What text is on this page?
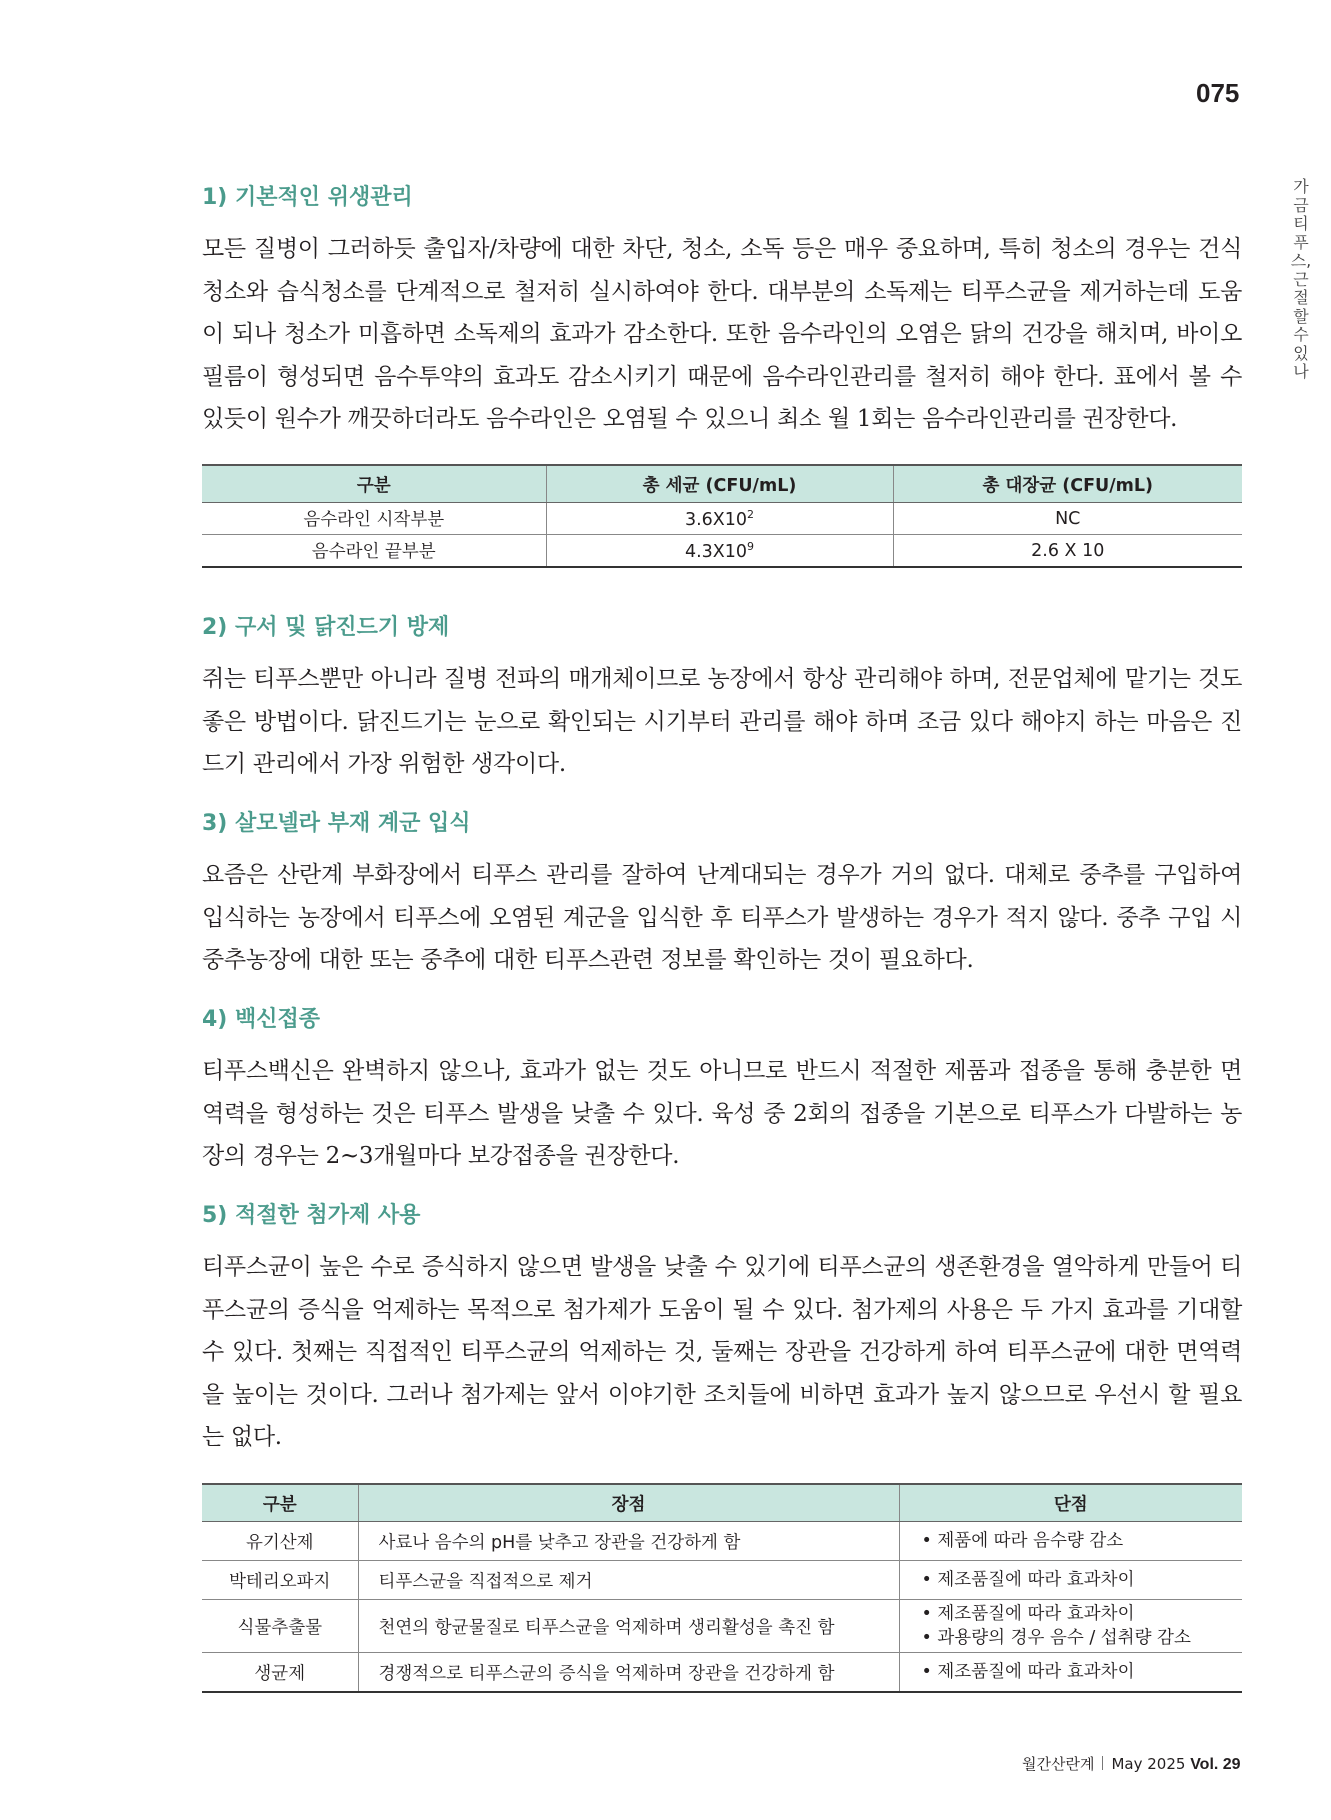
075
가금티푸스, 근절할 수 있나
1) 기본적인 위생관리
모든 질병이 그러하듯 출입자/차량에 대한 차단, 청소, 소독 등은 매우 중요하며, 특히 청소의 경우는 건식청소와 습식청소를 단계적으로 철저히 실시하여야 한다. 대부분의 소독제는 티푸스균을 제거하는데 도움이 되나 청소가 미흡하면 소독제의 효과가 감소한다. 또한 음수라인의 오염은 닭의 건강을 해치며, 바이오필름이 형성되면 음수투약의 효과도 감소시키기 때문에 음수라인관리를 철저히 해야 한다. 표에서 볼 수 있듯이 원수가 깨끗하더라도 음수라인은 오염될 수 있으니 최소 월 1회는 음수라인관리를 권장한다.
구분	총 세균 (CFU/mL)	총 대장균 (CFU/mL)
음수라인 시작부분	$3.6X10^2$	NC
음수라인 끝부분	$4.3X10^9$	2.6 X 10
2) 구서 및 닭진드기 방제
쥐는 티푸스뿐만 아니라 질병 전파의 매개체이므로 농장에서 항상 관리해야 하며, 전문업체에 맡기는 것도 좋은 방법이다. 닭진드기는 눈으로 확인되는 시기부터 관리를 해야 하며 조금 있다 해야지 하는 마음은 진드기 관리에서 가장 위험한 생각이다.
3) 살모넬라 부재 계군 입식
요즘은 산란계 부화장에서 티푸스 관리를 잘하여 난계대되는 경우가 거의 없다. 대체로 중추를 구입하여 입식하는 농장에서 티푸스에 오염된 계군을 입식한 후 티푸스가 발생하는 경우가 적지 않다. 중추 구입 시 중추농장에 대한 또는 중추에 대한 티푸스관련 정보를 확인하는 것이 필요하다.
4) 백신접종
티푸스백신은 완벽하지 않으나, 효과가 없는 것도 아니므로 반드시 적절한 제품과 접종을 통해 충분한 면역력을 형성하는 것은 티푸스 발생을 낮출 수 있다. 육성 중 2회의 접종을 기본으로 티푸스가 다발하는 농장의 경우는 2~3개월마다 보강접종을 권장한다.
5) 적절한 첨가제 사용
티푸스균이 높은 수로 증식하지 않으면 발생을 낮출 수 있기에 티푸스균의 생존환경을 열악하게 만들어 티푸스균의 증식을 억제하는 목적으로 첨가제가 도움이 될 수 있다. 첨가제의 사용은 두 가지 효과를 기대할 수 있다. 첫째는 직접적인 티푸스균의 억제하는 것, 둘째는 장관을 건강하게 하여 티푸스균에 대한 면역력을 높이는 것이다. 그러나 첨가제는 앞서 이야기한 조치들에 비하면 효과가 높지 않으므로 우선시 할 필요는 없다.
구분	장점	단점
유기산제	사료나 음수의 pH를 낮추고 장관을 건강하게 함	• 제품에 따라 음수량 감소

박테리오파지	티푸스균을 직접적으로 제거	• 제조품질에 따라 효과차이

식물추출물	천연의 항균물질로 티푸스균을 억제하며 생리활성을 촉진 함	• 제조품질에 따라 효과차이
• 과용량의 경우 음수 / 섭취량 감소

생균제	경쟁적으로 티푸스균의 증식을 억제하며 장관을 건강하게 함	• 제조품질에 따라 효과차이
월간산란계 May 2025 Vol. 29
